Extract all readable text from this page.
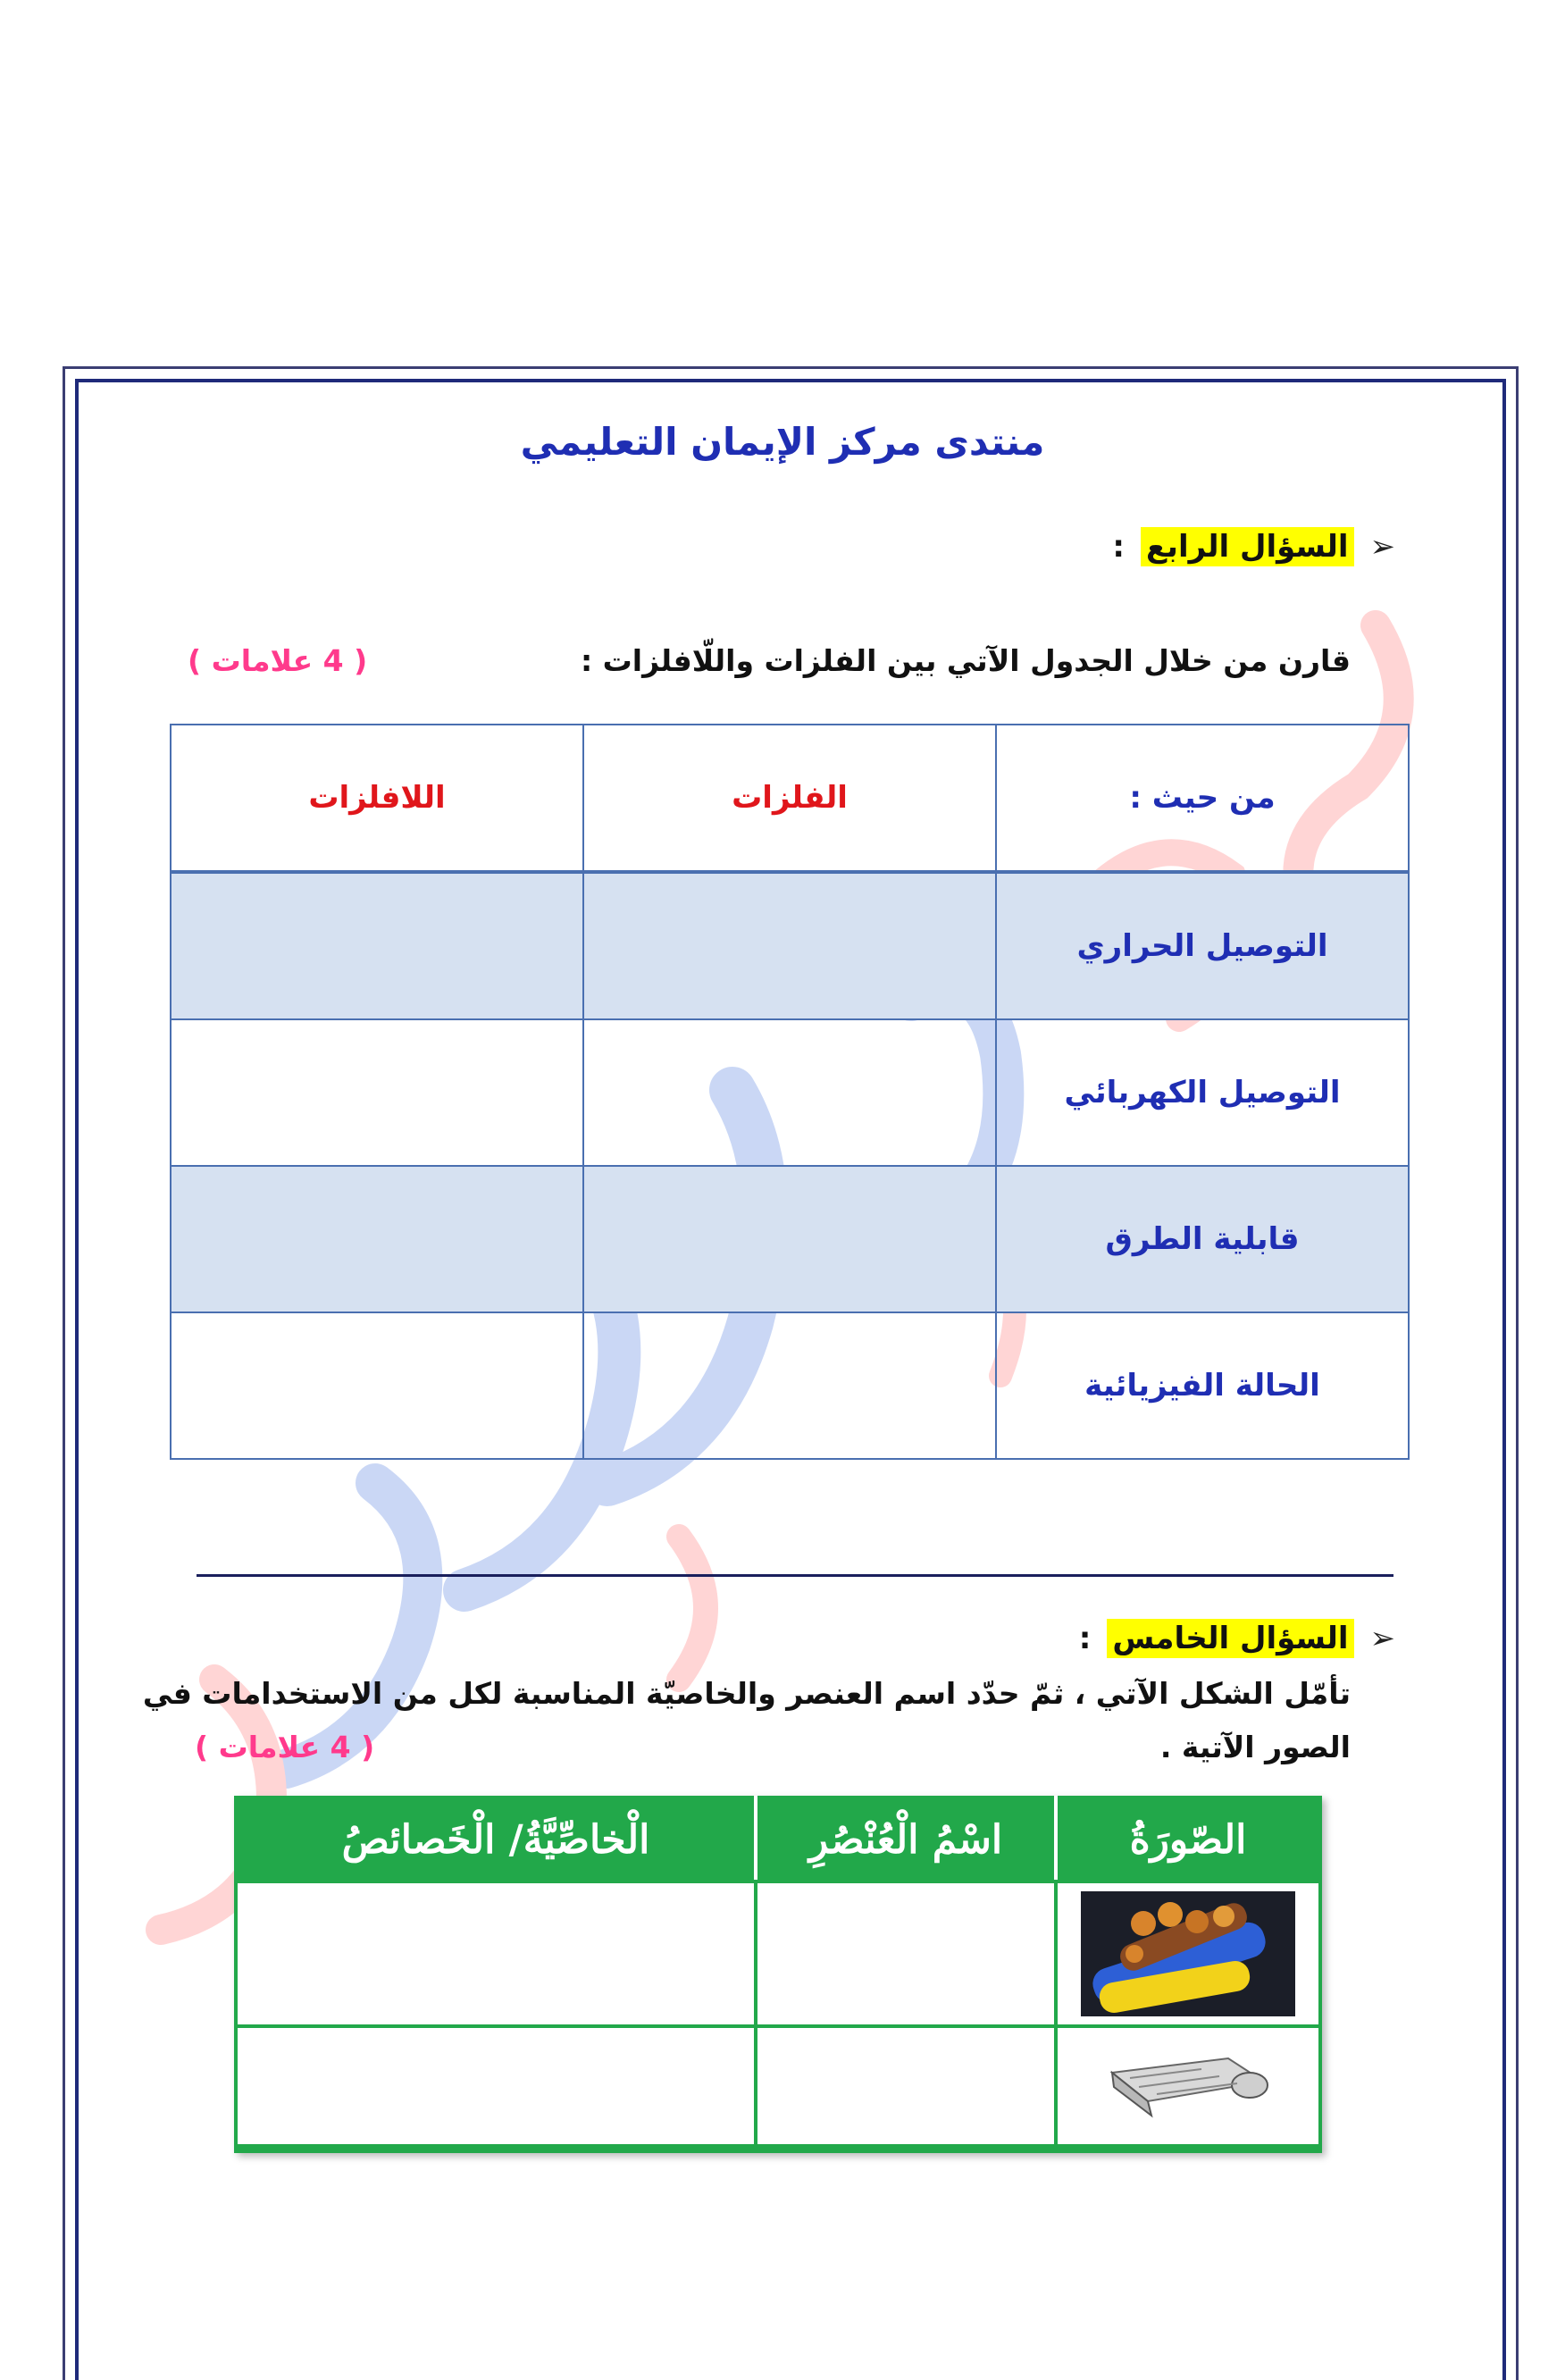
منتدى مركز الإيمان التعليمي
➢
السؤال الرابع
:
قارن من خلال الجدول الآتي بين الفلزات واللّافلزات :
( 4 علامات )
من حيث :	الفلزات	اللافلزات
التوصيل الحراري		
التوصيل الكهربائي		
قابلية الطرق		
الحالة الفيزيائية		
➢
السؤال الخامس
:
تأمّل الشكل الآتي ، ثمّ حدّد اسم العنصر والخاصيّة المناسبة لكل من الاستخدامات في
الصور الآتية .
( 4 علامات )
الصّورَةُ	اسْمُ الْعُنْصُرِ	الْخاصِّيَّةُ/ الْخَصائصُ
